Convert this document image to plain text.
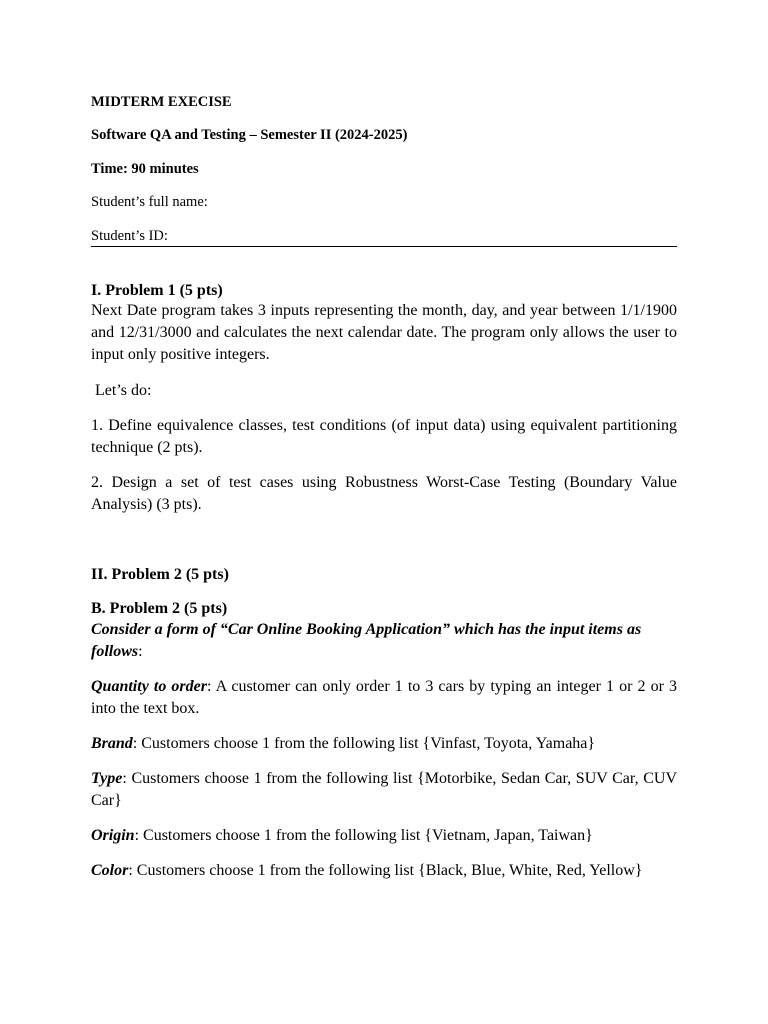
MIDTERM EXECISE
Software QA and Testing – Semester II (2024-2025)
Time: 90 minutes
Student’s full name:
Student’s ID:
I. Problem 1 (5 pts)
Next Date program takes 3 inputs representing the month, day, and year between 1/1/1900 and 12/31/3000 and calculates the next calendar date. The program only allows the user to input only positive integers.
Let’s do:
1. Define equivalence classes, test conditions (of input data) using equivalent partitioning technique (2 pts).
2. Design a set of test cases using Robustness Worst-Case Testing (Boundary Value Analysis) (3 pts).
II. Problem 2 (5 pts)
B. Problem 2 (5 pts)
Consider a form of “Car Online Booking Application” which has the input items as follows:
Quantity to order: A customer can only order 1 to 3 cars by typing an integer 1 or 2 or 3 into the text box.
Brand: Customers choose 1 from the following list {Vinfast, Toyota, Yamaha}
Type: Customers choose 1 from the following list {Motorbike, Sedan Car, SUV Car, CUV Car}
Origin: Customers choose 1 from the following list {Vietnam, Japan, Taiwan}
Color: Customers choose 1 from the following list {Black, Blue, White, Red, Yellow}
